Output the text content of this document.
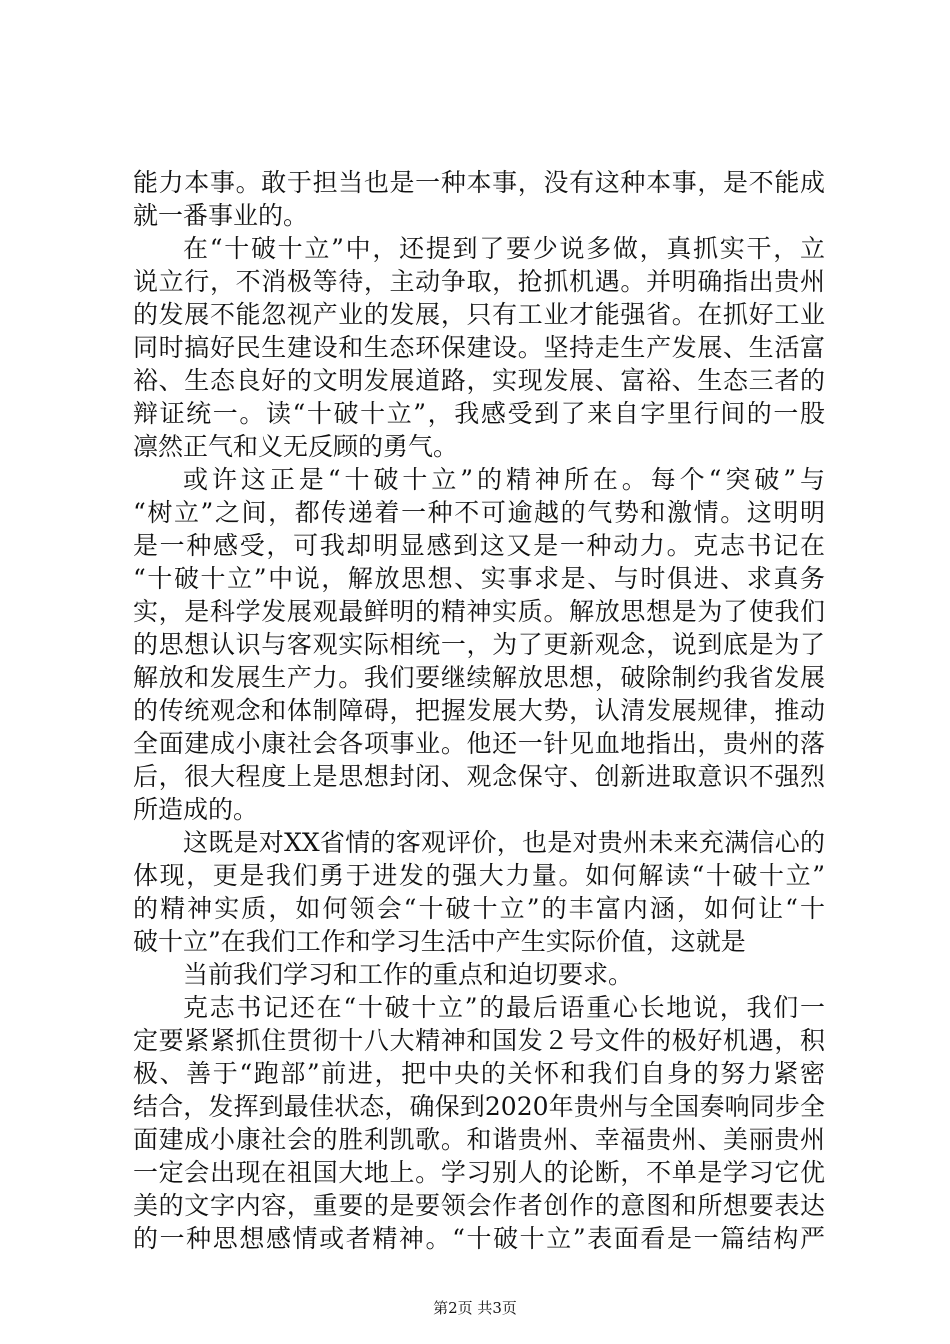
能力本事。敢于担当也是一种本事，没有这种本事，是不能成
就一番事业的。
在“十破十立”中，还提到了要少说多做，真抓实干，立
说立行，不消极等待，主动争取，抢抓机遇。并明确指出贵州
的发展不能忽视产业的发展，只有工业才能强省。在抓好工业
同时搞好民生建设和生态环保建设。坚持走生产发展、生活富
裕、生态良好的文明发展道路，实现发展、富裕、生态三者的
辩证统一。读“十破十立”，我感受到了来自字里行间的一股
凛然正气和义无反顾的勇气。
或许这正是“十破十立”的精神所在。每个“突破”与
“树立”之间，都传递着一种不可逾越的气势和激情。这明明
是一种感受，可我却明显感到这又是一种动力。克志书记在
“十破十立”中说，解放思想、实事求是、与时俱进、求真务
实，是科学发展观最鲜明的精神实质。解放思想是为了使我们
的思想认识与客观实际相统一，为了更新观念，说到底是为了
解放和发展生产力。我们要继续解放思想，破除制约我省发展
的传统观念和体制障碍，把握发展大势，认清发展规律，推动
全面建成小康社会各项事业。他还一针见血地指出，贵州的落
后，很大程度上是思想封闭、观念保守、创新进取意识不强烈
所造成的。
这既是对XX省情的客观评价，也是对贵州未来充满信心的
体现，更是我们勇于进发的强大力量。如何解读“十破十立”
的精神实质，如何领会“十破十立”的丰富内涵，如何让“十
破十立”在我们工作和学习生活中产生实际价值，这就是
当前我们学习和工作的重点和迫切要求。
克志书记还在“十破十立”的最后语重心长地说，我们一
定要紧紧抓住贯彻十八大精神和国发２号文件的极好机遇，积
极、善于“跑部”前进，把中央的关怀和我们自身的努力紧密
结合，发挥到最佳状态，确保到2020年贵州与全国奏响同步全
面建成小康社会的胜利凯歌。和谐贵州、幸福贵州、美丽贵州
一定会出现在祖国大地上。学习别人的论断，不单是学习它优
美的文字内容，重要的是要领会作者创作的意图和所想要表达
的一种思想感情或者精神。“十破十立”表面看是一篇结构严
第2页 共3页
